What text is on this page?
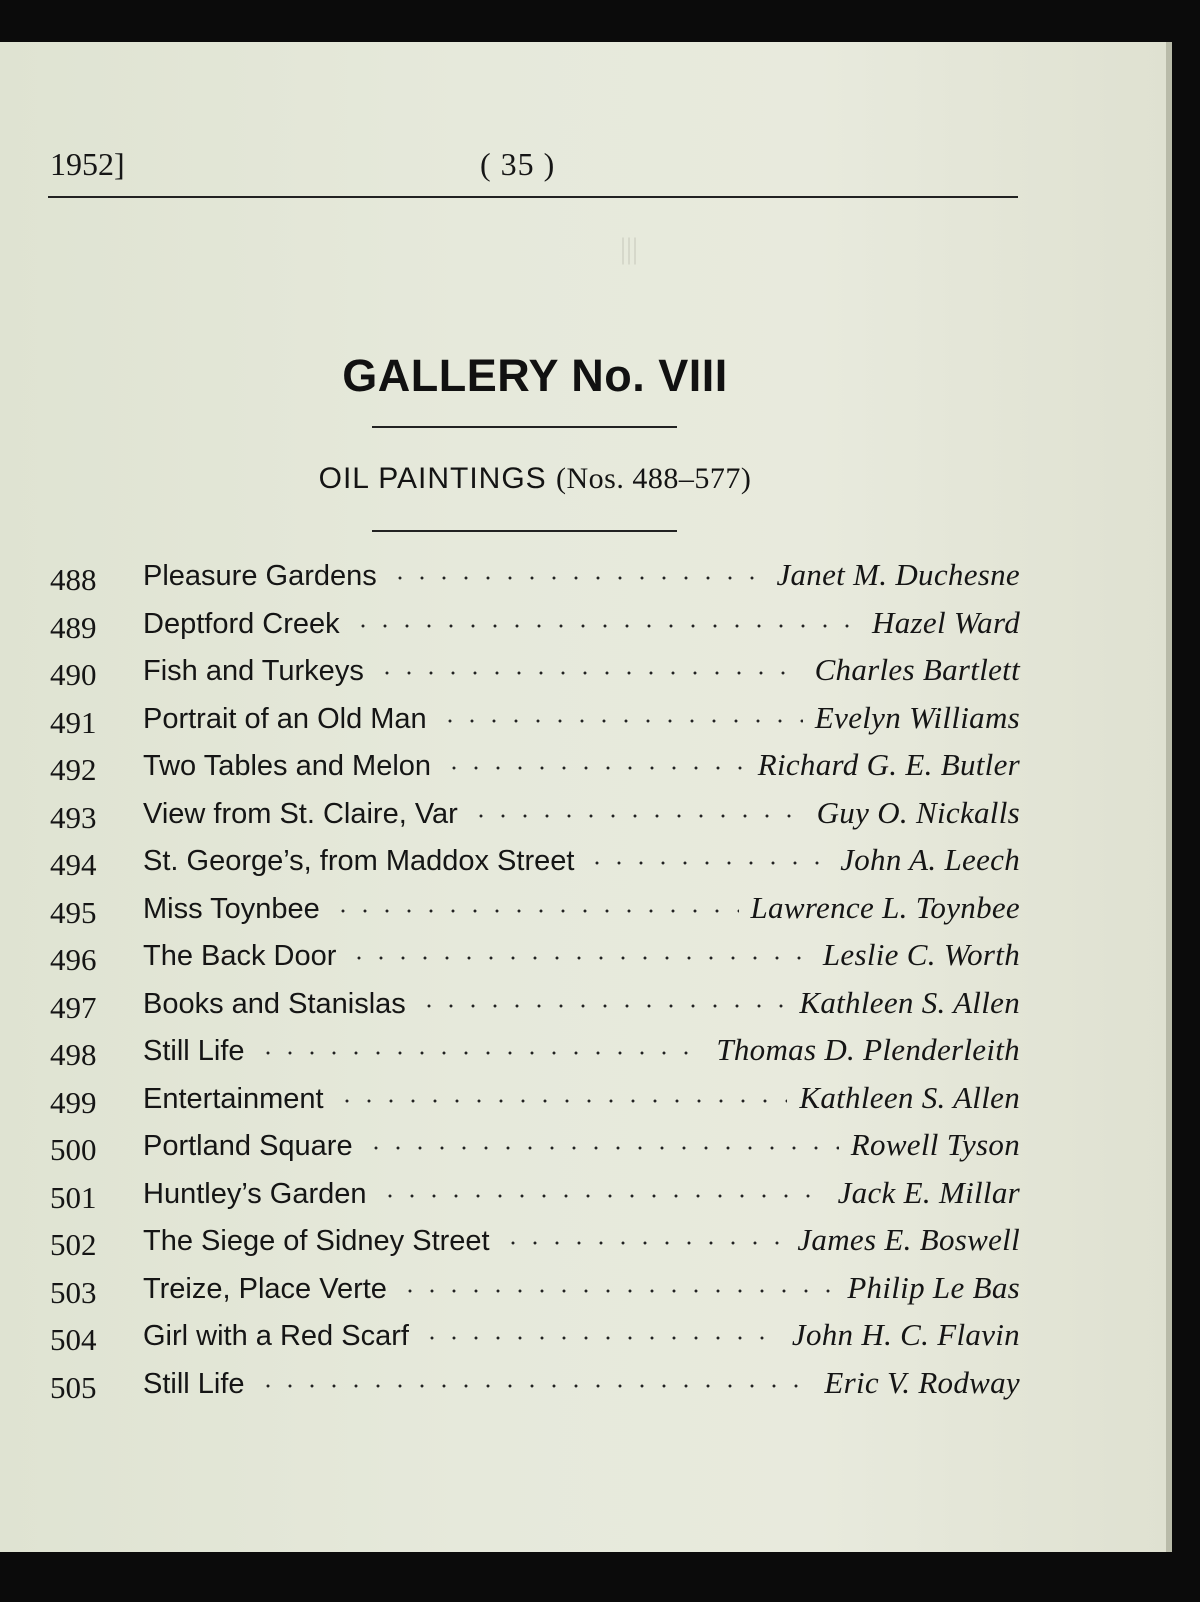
|||
1952]	( 35 )
GALLERY No. VIII
OIL PAINTINGS (Nos. 488–577)
488 Pleasure Gardens	Janet M. Duchesne
489 Deptford Creek	Hazel Ward
490 Fish and Turkeys	Charles Bartlett
491 Portrait of an Old Man	Evelyn Williams
492 Two Tables and Melon	Richard G. E. Butler
493 View from St. Claire, Var	Guy O. Nickalls
494 St. George’s, from Maddox Street	John A. Leech
495 Miss Toynbee	Lawrence L. Toynbee
496 The Back Door	Leslie C. Worth
497 Books and Stanislas	Kathleen S. Allen
498 Still Life	Thomas D. Plenderleith
499 Entertainment	Kathleen S. Allen
500 Portland Square	Rowell Tyson
501 Huntley’s Garden	Jack E. Millar
502 The Siege of Sidney Street	James E. Boswell
503 Treize, Place Verte	Philip Le Bas
504 Girl with a Red Scarf	John H. C. Flavin
505 Still Life	Eric V. Rodway
